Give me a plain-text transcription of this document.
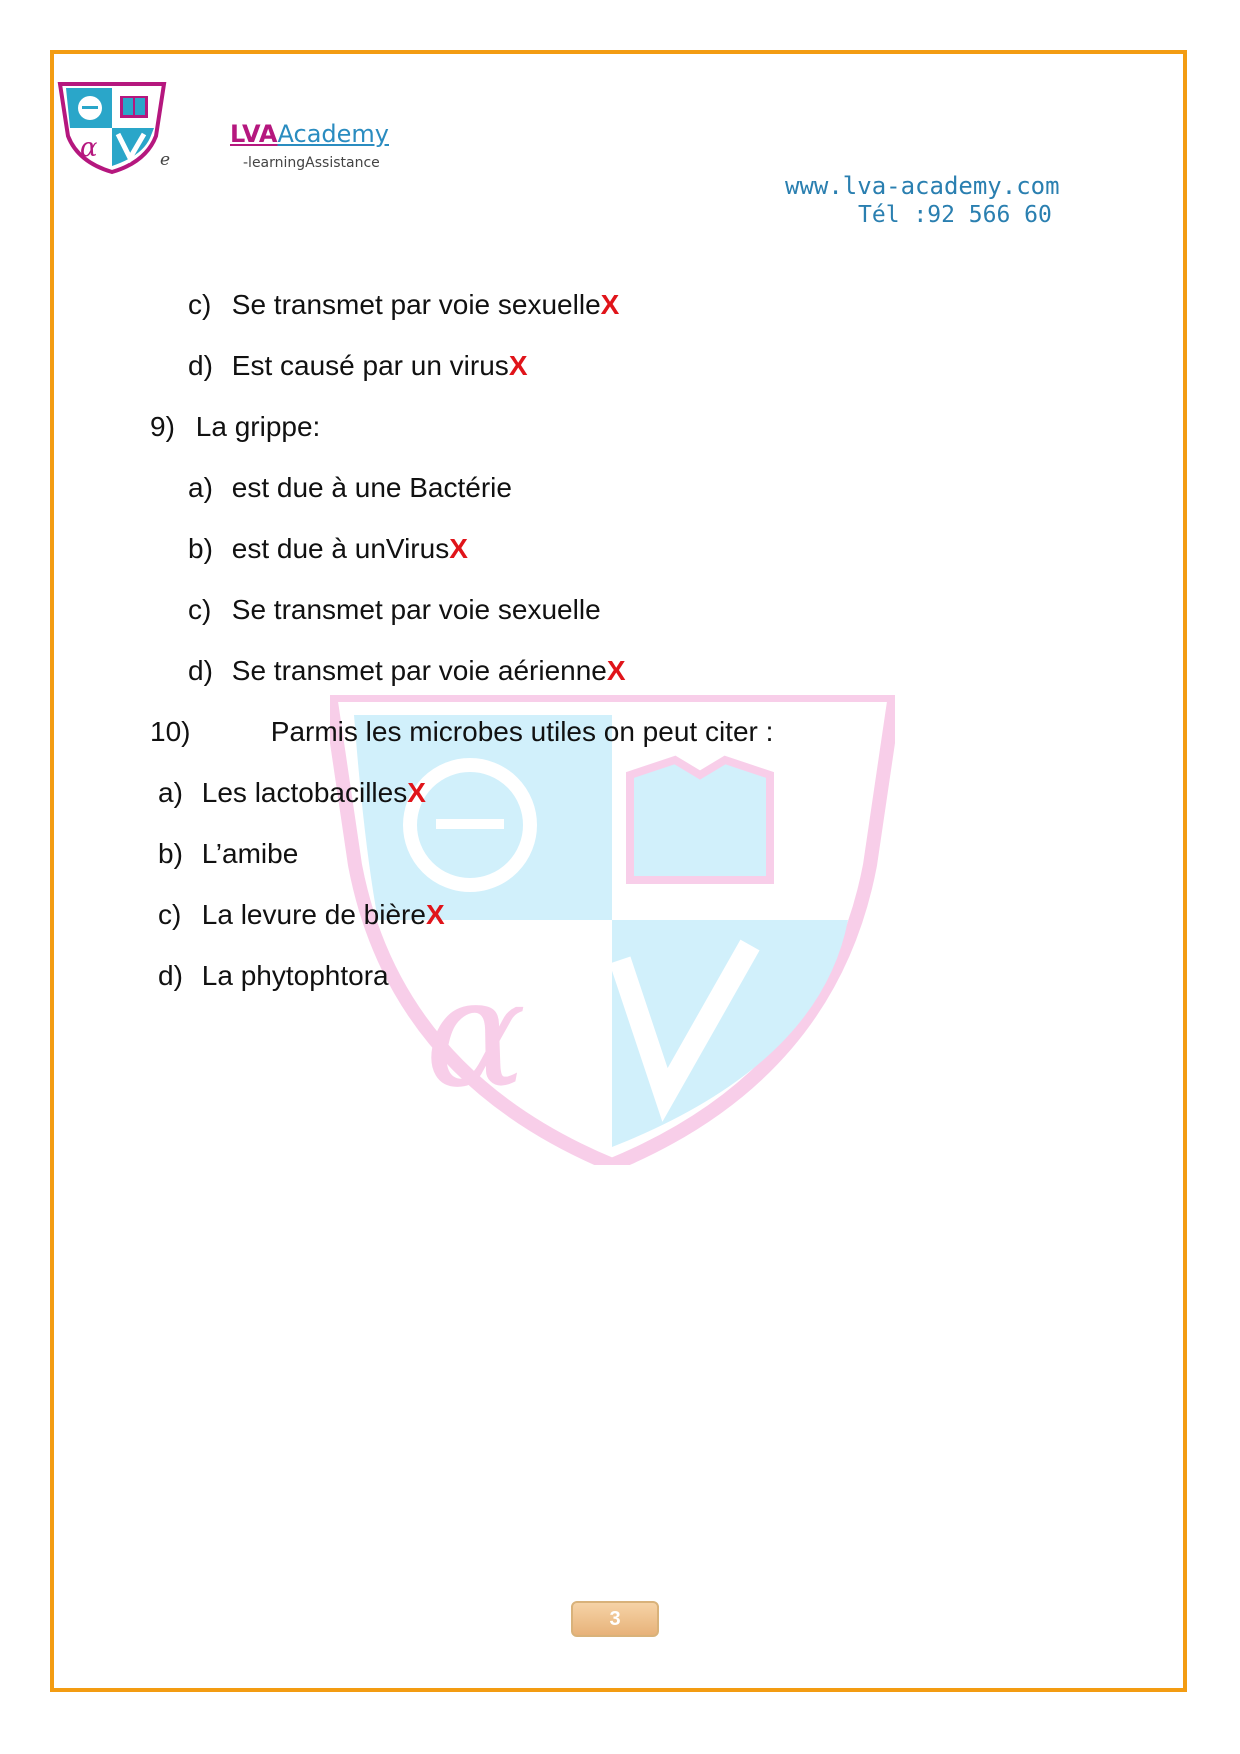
α	e
LVAAcademy
-learningAssistance
www.lva-academy.com
Tél :92 566 60
α
c) Se transmet par voie sexuelleX
d) Est causé par un virusX
9) La grippe:
a) est due à une Bactérie
b) est due à unVirusX
c) Se transmet par voie sexuelle
d) Se transmet par voie aérienneX
10)	Parmis les microbes utiles on peut citer :
a) Les lactobacillesX
b) L’amibe
c) La levure de bièreX
d) La phytophtora
3
